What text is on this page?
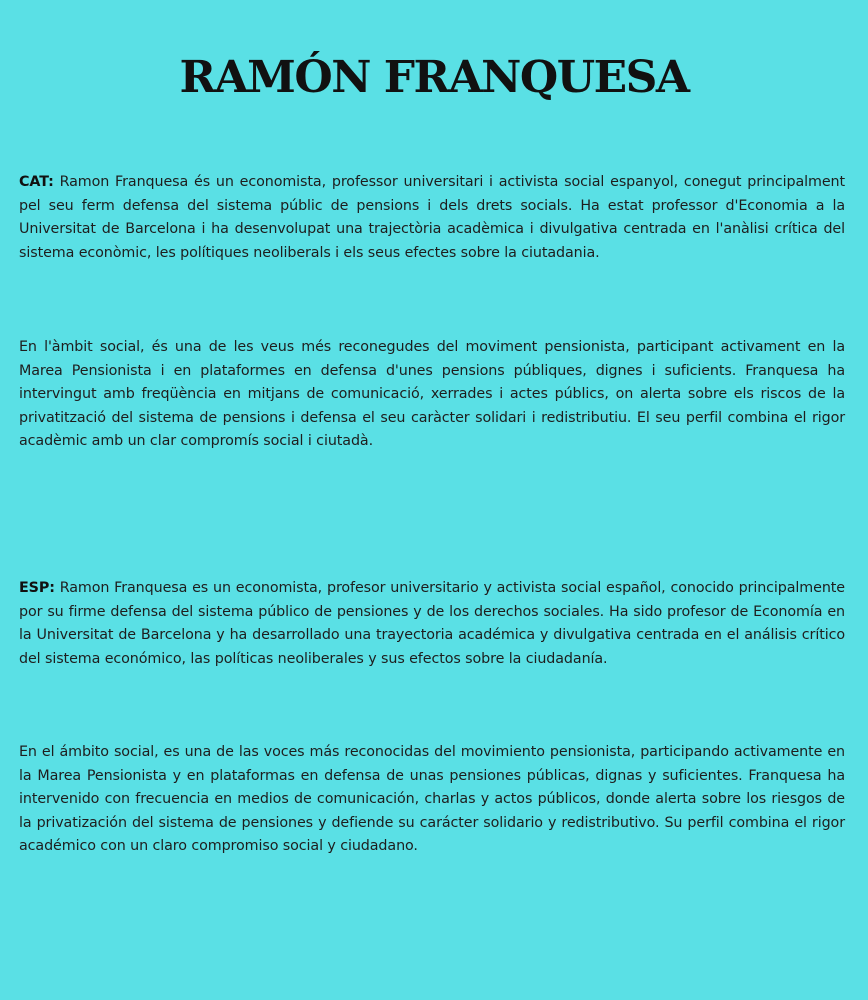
RAMÓN FRANQUESA

CAT: Ramon Franquesa és un economista, professor universitari i activista social espanyol, conegut principalment pel seu ferm defensa del sistema públic de pensions i dels drets socials. Ha estat professor d'Economia a la Universitat de Barcelona i ha desenvolupat una trajectòria acadèmica i divulgativa centrada en l'anàlisi crítica del sistema econòmic, les polítiques neoliberals i els seus efectes sobre la ciutadania.

En l'àmbit social, és una de les veus més reconegudes del moviment pensionista, participant activament en la Marea Pensionista i en plataformes en defensa d'unes pensions públiques, dignes i suficients. Franquesa ha intervingut amb freqüència en mitjans de comunicació, xerrades i actes públics, on alerta sobre els riscos de la privatització del sistema de pensions i defensa el seu caràcter solidari i redistributiu. El seu perfil combina el rigor acadèmic amb un clar compromís social i ciutadà.

ESP: Ramon Franquesa es un economista, profesor universitario y activista social español, conocido principalmente por su firme defensa del sistema público de pensiones y de los derechos sociales. Ha sido profesor de Economía en la Universitat de Barcelona y ha desarrollado una trayectoria académica y divulgativa centrada en el análisis crítico del sistema económico, las políticas neoliberales y sus efectos sobre la ciudadanía.

En el ámbito social, es una de las voces más reconocidas del movimiento pensionista, participando activamente en la Marea Pensionista y en plataformas en defensa de unas pensiones públicas, dignas y suficientes. Franquesa ha intervenido con frecuencia en medios de comunicación, charlas y actos públicos, donde alerta sobre los riesgos de la privatización del sistema de pensiones y defiende su carácter solidario y redistributivo. Su perfil combina el rigor académico con un claro compromiso social y ciudadano.
